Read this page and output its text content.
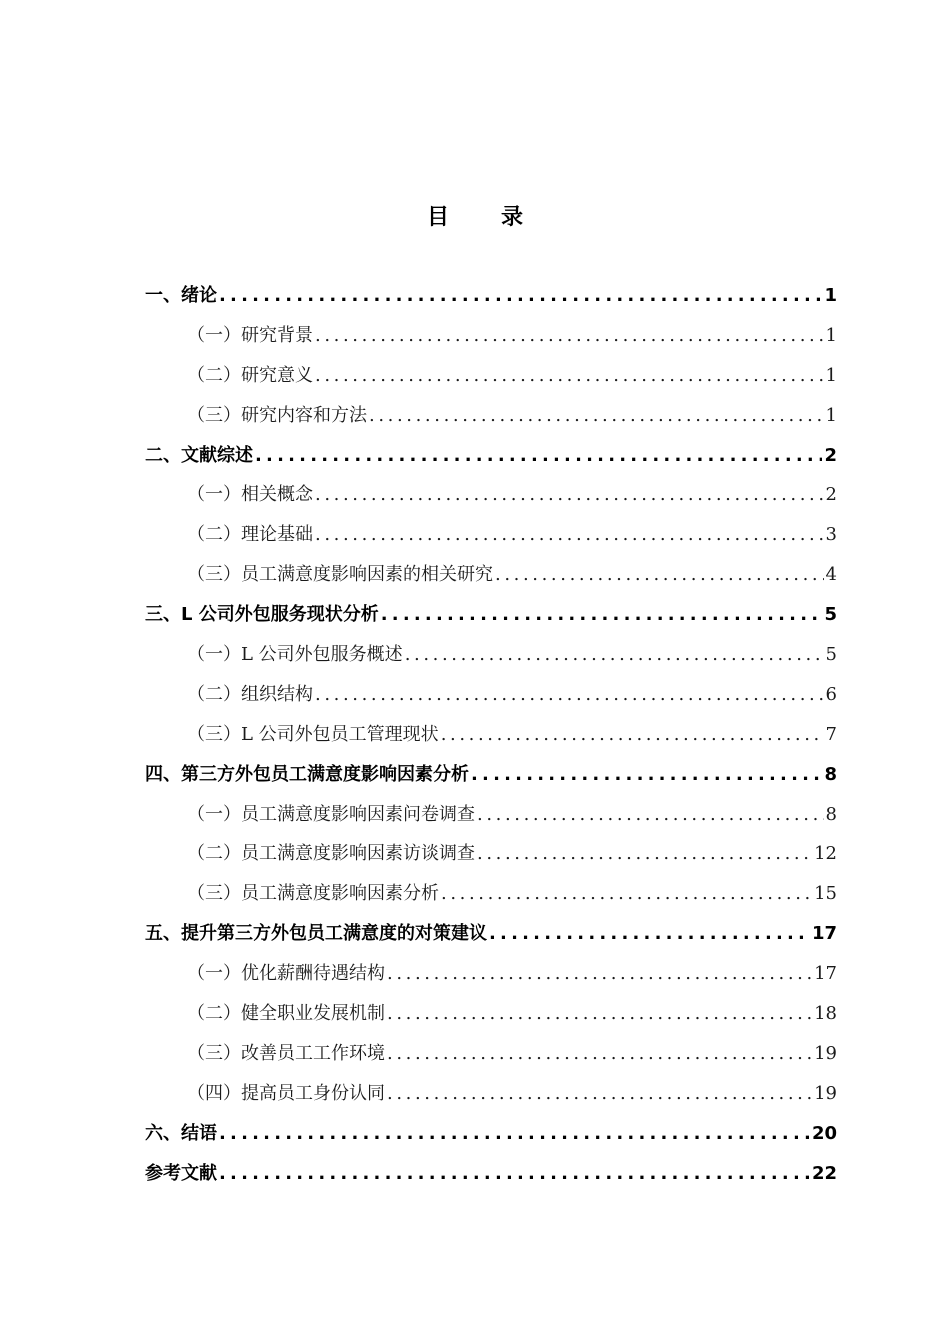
目 录
一、绪论 .....	1
（一）研究背景 .....	1
（二）研究意义 .....	1
（三）研究内容和方法 .....	1
二、文献综述 .....	2
（一）相关概念 .....	2
（二）理论基础 .....	3
（三）员工满意度影响因素的相关研究 .....	4
三、L 公司外包服务现状分析 .....	5
（一）L 公司外包服务概述 .....	5
（二）组织结构 .....	6
（三）L 公司外包员工管理现状 .....	7
四、第三方外包员工满意度影响因素分析 .....	8
（一）员工满意度影响因素问卷调查 .....	8
（二）员工满意度影响因素访谈调查 .....	12
（三）员工满意度影响因素分析 .....	15
五、提升第三方外包员工满意度的对策建议 .....	17
（一）优化薪酬待遇结构 .....	17
（二）健全职业发展机制 .....	18
（三）改善员工工作环境 .....	19
（四）提高员工身份认同 .....	19
六、结语 .....	20
参考文献 .....	22
